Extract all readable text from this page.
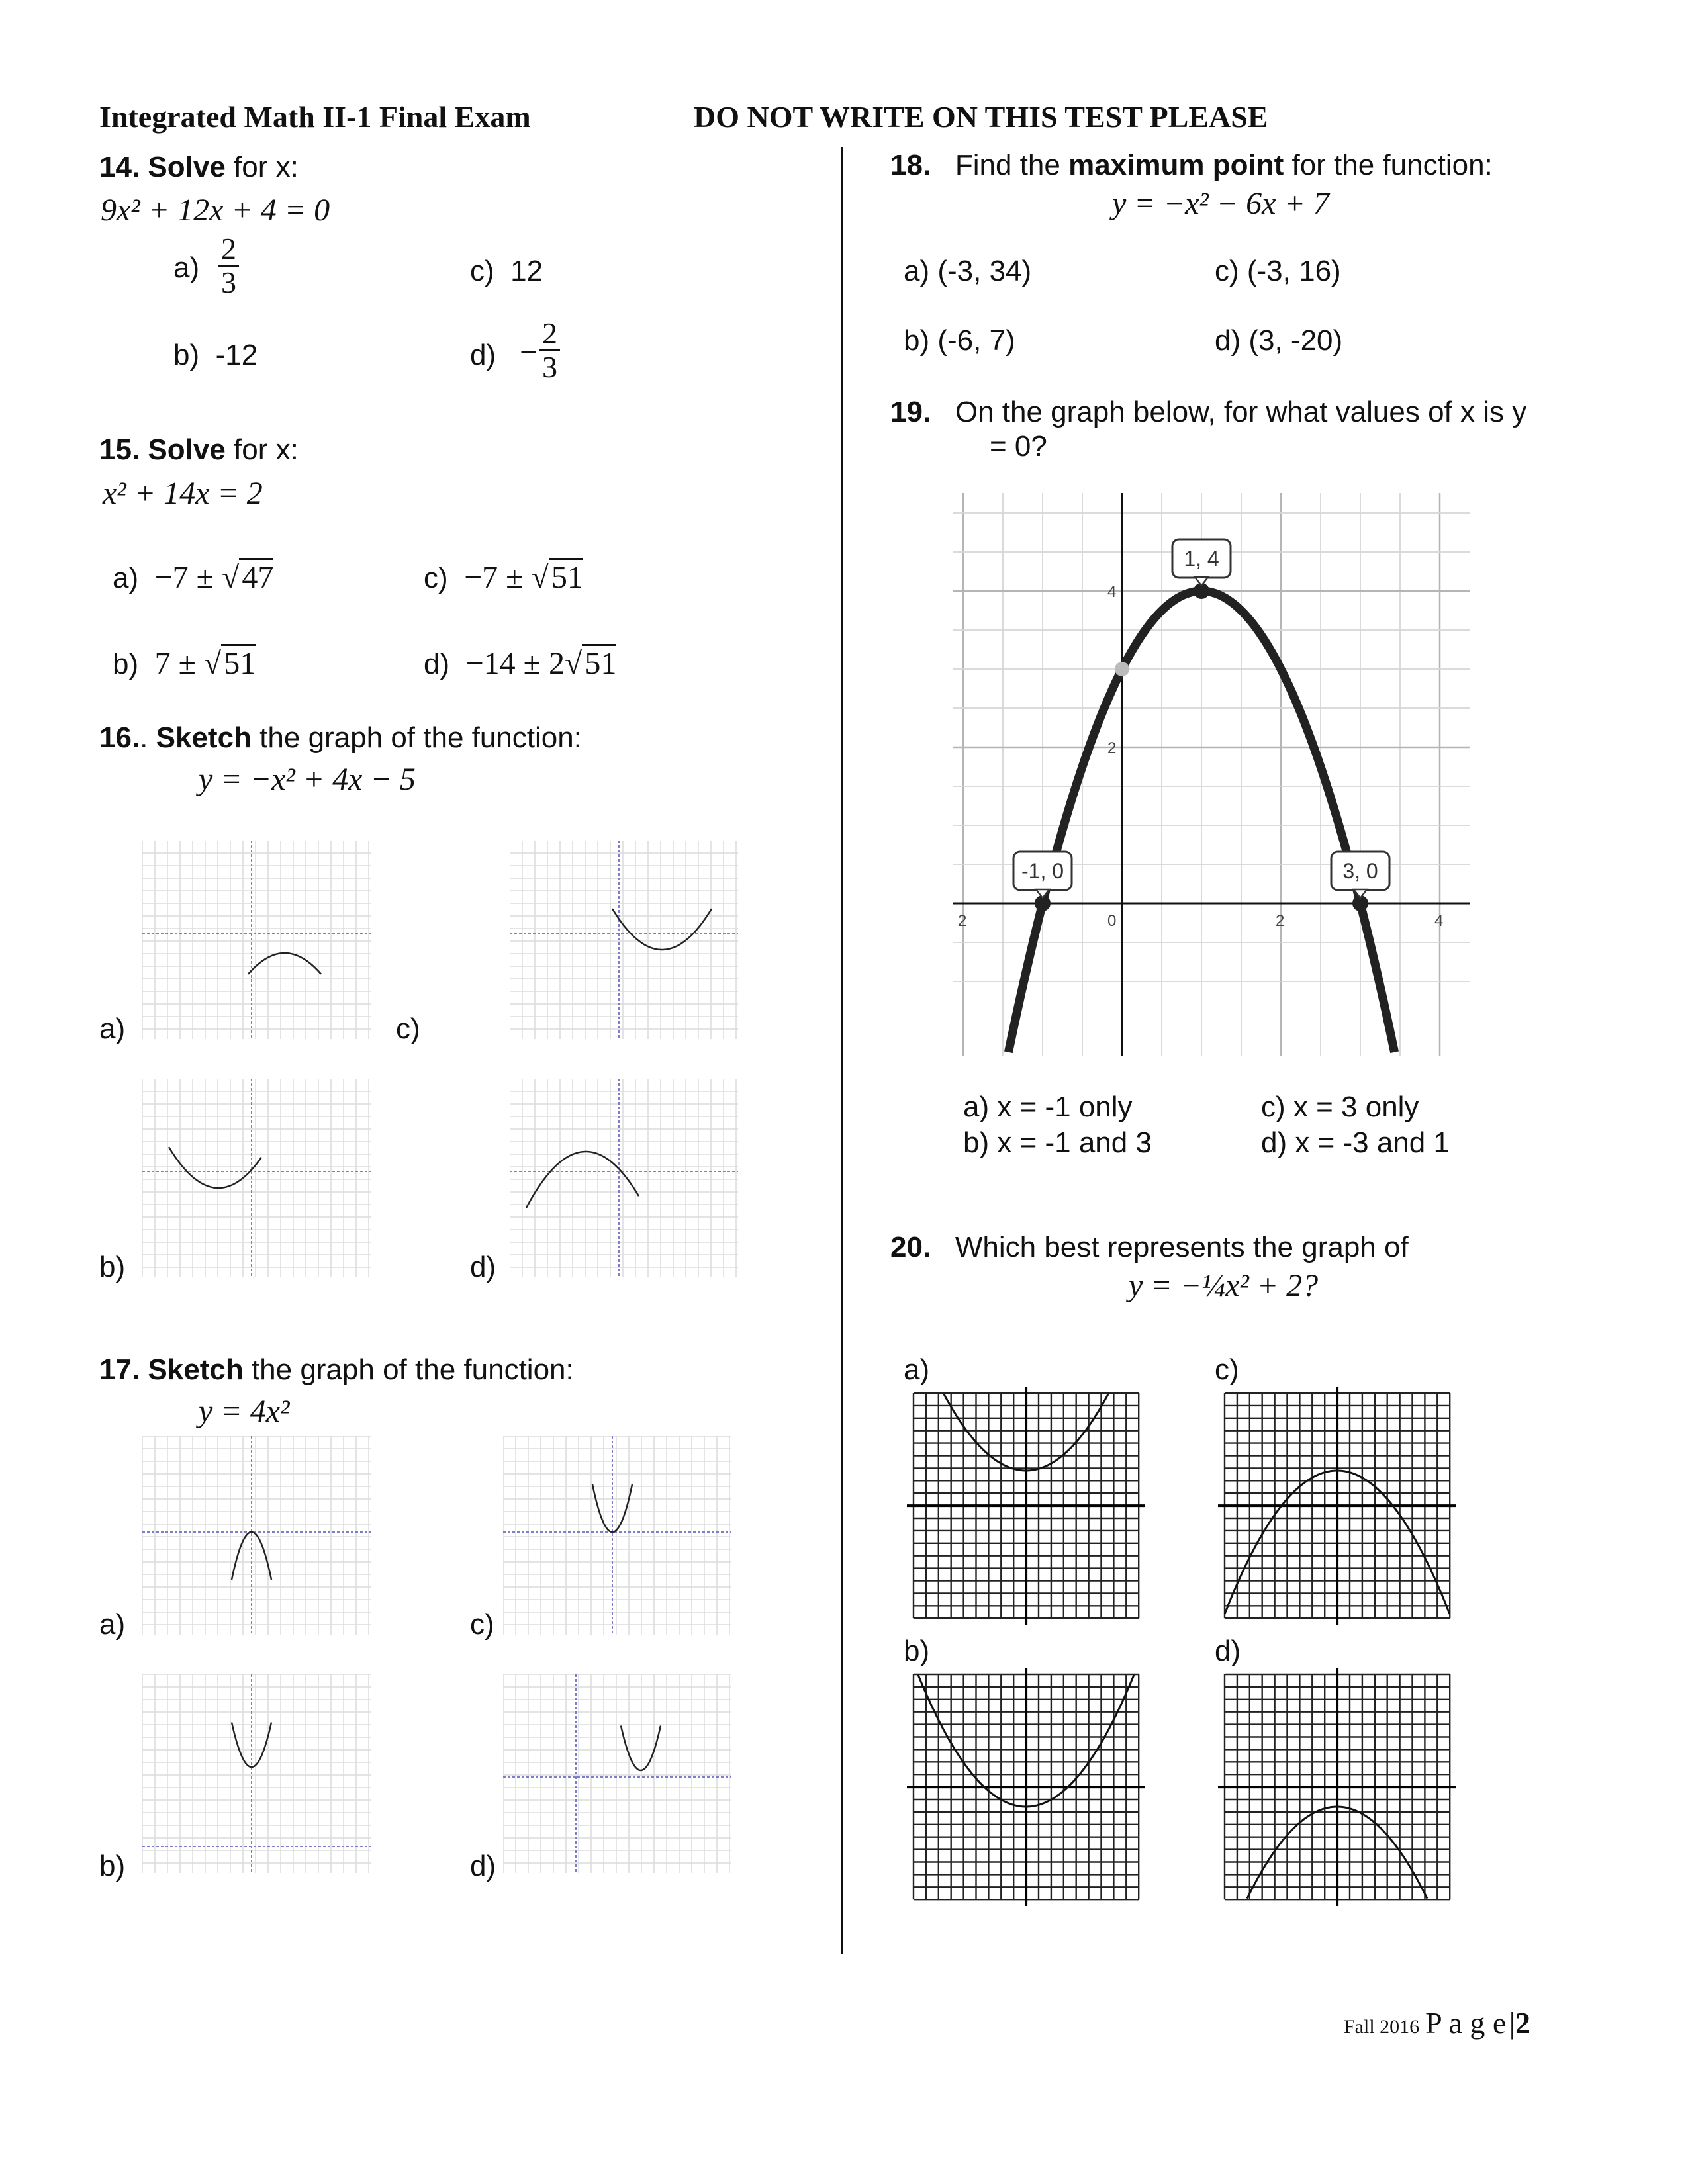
Integrated Math II-1 Final Exam	DO NOT WRITE ON THIS TEST PLEASE
14. Solve for x:
9x² + 12x + 4 = 0
$a) \frac{2}{3}$	c) 12
b) -12	$d) - \frac{2}{3}$
15. Solve for x:
x² + 14x = 2
a) −7 ± √47	c) −7 ± √51
b) 7 ± √51	d) −14 ± 2√51
16.. Sketch the graph of the function:
y = −x² + 4x − 5
a)	c)
b)	d)
17. Sketch the graph of the function:
y = 4x²
a)	c)
b)	d)
18. Find the maximum point for the function:
y = −x² − 6x + 7
a) (-3, 34)	c) (-3, 16)
b) (-6, 7)	d) (3, -20)
19. On the graph below, for what values of x is y
= 0?
2	0	2	4
4
2
1, 4
-1, 0	3, 0
a) x = -1 only	c) x = 3 only
b) x = -1 and 3	d) x = -3 and 1
20. Which best represents the graph of
y = −¼x² + 2?
a)	c)
b)	d)
Fall 2016 P a g e |2
